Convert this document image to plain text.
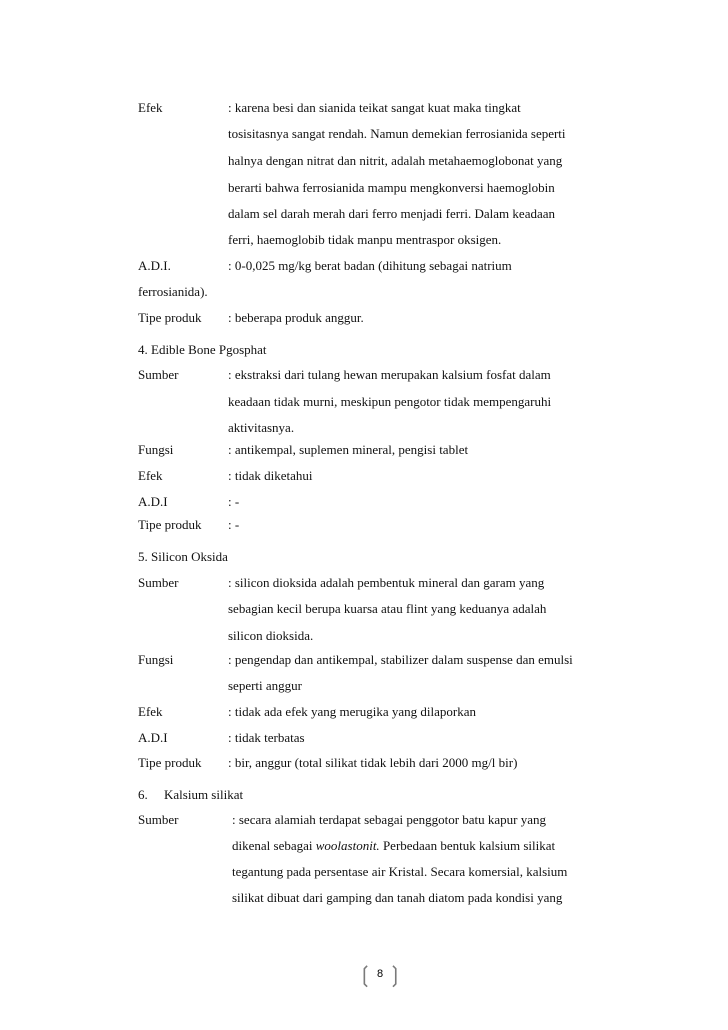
Efek	: karena besi dan sianida teikat sangat kuat maka tingkat
tosisitasnya sangat rendah. Namun demekian ferrosianida seperti
halnya dengan nitrat dan nitrit, adalah metahaemoglobonat yang
berarti bahwa ferrosianida mampu mengkonversi haemoglobin
dalam sel darah merah dari ferro menjadi ferri. Dalam keadaan
ferri, haemoglobib tidak manpu mentraspor oksigen.
A.D.I.	: 0-0,025 mg/kg berat badan (dihitung sebagai natrium
ferrosianida).
Tipe produk : beberapa produk anggur.
4. Edible Bone Pgosphat
Sumber	: ekstraksi dari tulang hewan merupakan kalsium fosfat dalam
keadaan tidak murni, meskipun pengotor tidak mempengaruhi
aktivitasnya.
Fungsi	: antikempal, suplemen mineral, pengisi tablet
Efek	: tidak diketahui
A.D.I	: -
Tipe produk : -
5. Silicon Oksida
Sumber	: silicon dioksida adalah pembentuk mineral dan garam yang
sebagian kecil berupa kuarsa atau flint yang keduanya adalah
silicon dioksida.
Fungsi	: pengendap dan antikempal, stabilizer dalam suspense dan emulsi
seperti anggur
Efek	: tidak ada efek yang merugika yang dilaporkan
A.D.I	: tidak terbatas
Tipe produk : bir, anggur (total silikat tidak lebih dari 2000 mg/l bir)
6. Kalsium silikat
Sumber	: secara alamiah terdapat sebagai penggotor batu kapur yang
dikenal sebagai woolastonit. Perbedaan bentuk kalsium silikat
tegantung pada persentase air Kristal. Secara komersial, kalsium
silikat dibuat dari gamping dan tanah diatom pada kondisi yang
❲ 8 ❳
